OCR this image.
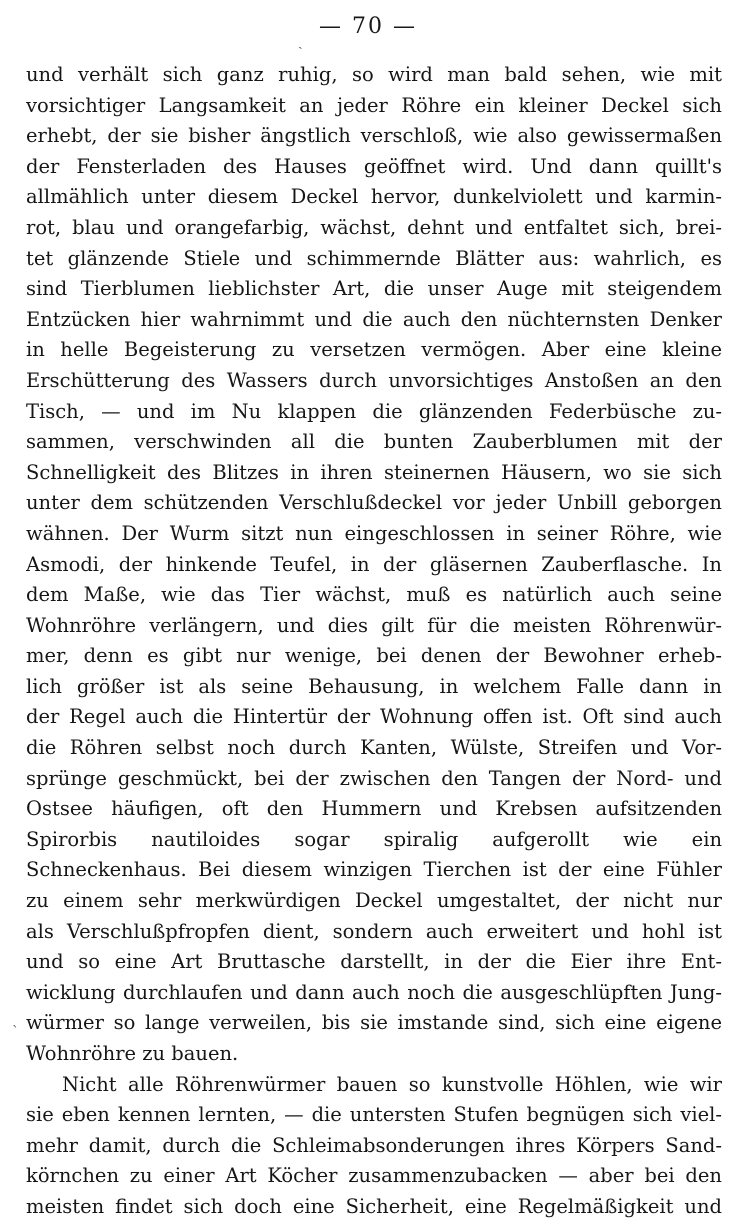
— 70 —
ˏ
ˋ
und verhält sich ganz ruhig, so wird man bald sehen, wie mit
vorsichtiger Langsamkeit an jeder Röhre ein kleiner Deckel sich
erhebt, der sie bisher ängstlich verschloß, wie also gewissermaßen
der Fensterladen des Hauses geöffnet wird. Und dann quillt's
allmählich unter diesem Deckel hervor, dunkelviolett und karmin-
rot, blau und orangefarbig, wächst, dehnt und entfaltet sich, brei-
tet glänzende Stiele und schimmernde Blätter aus: wahrlich, es
sind Tierblumen lieblichster Art, die unser Auge mit steigendem
Entzücken hier wahrnimmt und die auch den nüchternsten Denker
in helle Begeisterung zu versetzen vermögen. Aber eine kleine
Erschütterung des Wassers durch unvorsichtiges Anstoßen an den
Tisch, — und im Nu klappen die glänzenden Federbüsche zu-
sammen, verschwinden all die bunten Zauberblumen mit der
Schnelligkeit des Blitzes in ihren steinernen Häusern, wo sie sich
unter dem schützenden Verschlußdeckel vor jeder Unbill geborgen
wähnen. Der Wurm sitzt nun eingeschlossen in seiner Röhre, wie
Asmodi, der hinkende Teufel, in der gläsernen Zauberflasche. In
dem Maße, wie das Tier wächst, muß es natürlich auch seine
Wohnröhre verlängern, und dies gilt für die meisten Röhrenwür-
mer, denn es gibt nur wenige, bei denen der Bewohner erheb-
lich größer ist als seine Behausung, in welchem Falle dann in
der Regel auch die Hintertür der Wohnung offen ist. Oft sind auch
die Röhren selbst noch durch Kanten, Wülste, Streifen und Vor-
sprünge geschmückt, bei der zwischen den Tangen der Nord- und
Ostsee häufigen, oft den Hummern und Krebsen aufsitzenden
Spirorbis nautiloides sogar spiralig aufgerollt wie ein
Schneckenhaus. Bei diesem winzigen Tierchen ist der eine Fühler
zu einem sehr merkwürdigen Deckel umgestaltet, der nicht nur
als Verschlußpfropfen dient, sondern auch erweitert und hohl ist
und so eine Art Bruttasche darstellt, in der die Eier ihre Ent-
wicklung durchlaufen und dann auch noch die ausgeschlüpften Jung-
würmer so lange verweilen, bis sie imstande sind, sich eine eigene
Wohnröhre zu bauen.
Nicht alle Röhrenwürmer bauen so kunstvolle Höhlen, wie wir
sie eben kennen lernten, — die untersten Stufen begnügen sich viel-
mehr damit, durch die Schleimabsonderungen ihres Körpers Sand-
körnchen zu einer Art Köcher zusammenzubacken — aber bei den
meisten findet sich doch eine Sicherheit, eine Regelmäßigkeit und
